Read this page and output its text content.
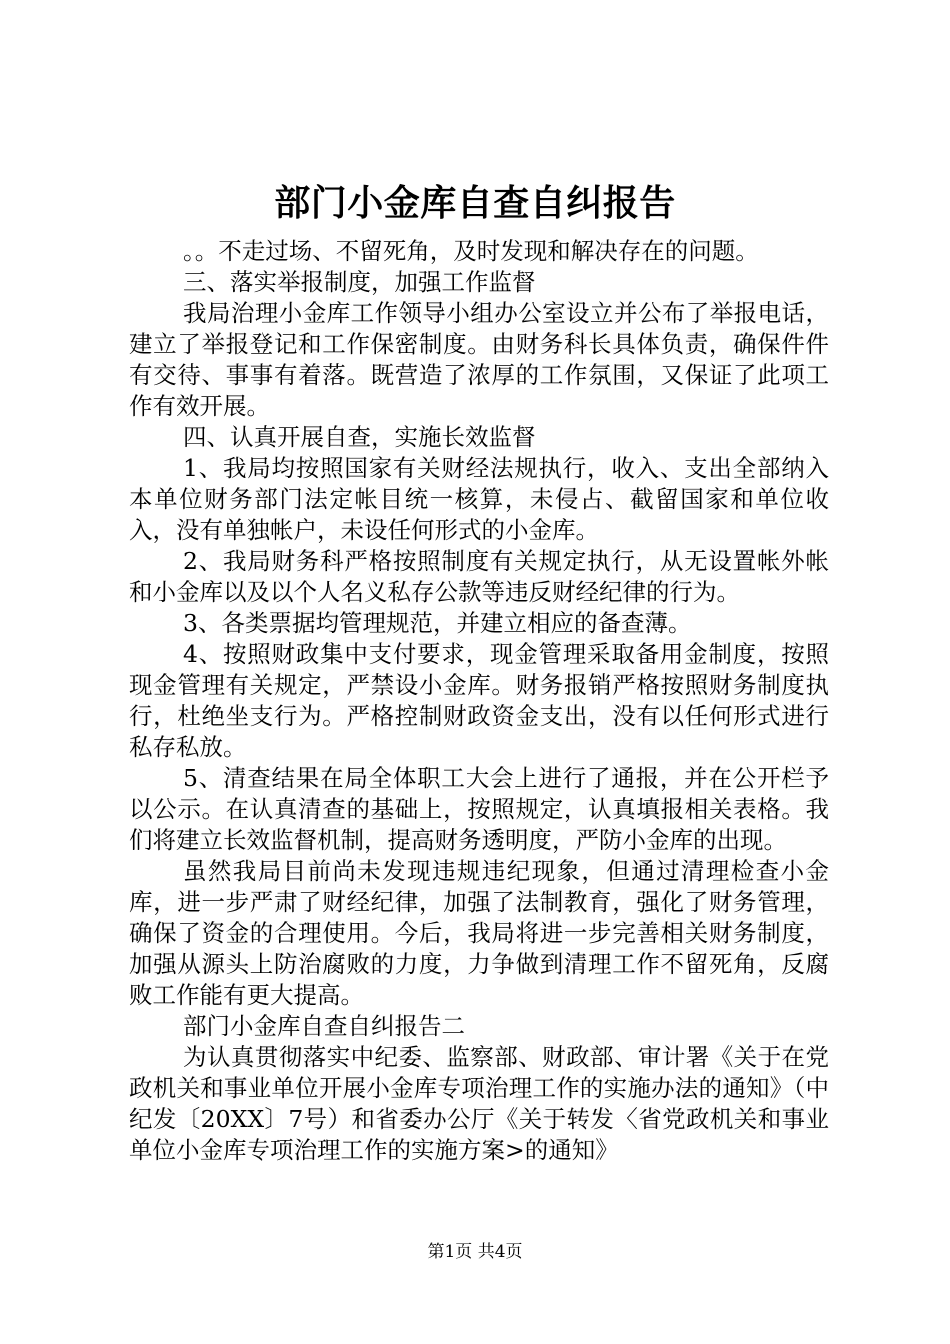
部门小金库自查自纠报告

。。不走过场、不留死角，及时发现和解决存在的问题。

三、落实举报制度，加强工作监督

我局治理小金库工作领导小组办公室设立并公布了举报电话，建立了举报登记和工作保密制度。由财务科长具体负责，确保件件有交待、事事有着落。既营造了浓厚的工作氛围，又保证了此项工作有效开展。

四、认真开展自查，实施长效监督

1、我局均按照国家有关财经法规执行，收入、支出全部纳入本单位财务部门法定帐目统一核算，未侵占、截留国家和单位收入，没有单独帐户，未设任何形式的小金库。

2、我局财务科严格按照制度有关规定执行，从无设置帐外帐和小金库以及以个人名义私存公款等违反财经纪律的行为。

3、各类票据均管理规范，并建立相应的备查薄。

4、按照财政集中支付要求，现金管理采取备用金制度，按照现金管理有关规定，严禁设小金库。财务报销严格按照财务制度执行，杜绝坐支行为。严格控制财政资金支出，没有以任何形式进行私存私放。

5、清查结果在局全体职工大会上进行了通报，并在公开栏予以公示。在认真清查的基础上，按照规定，认真填报相关表格。我们将建立长效监督机制，提高财务透明度，严防小金库的出现。

虽然我局目前尚未发现违规违纪现象，但通过清理检查小金库，进一步严肃了财经纪律，加强了法制教育，强化了财务管理，确保了资金的合理使用。今后，我局将进一步完善相关财务制度，加强从源头上防治腐败的力度，力争做到清理工作不留死角，反腐败工作能有更大提高。

部门小金库自查自纠报告二

为认真贯彻落实中纪委、监察部、财政部、审计署《关于在党政机关和事业单位开展小金库专项治理工作的实施办法的通知》（中纪发〔20XX〕7号）和省委办公厅《关于转发〈省党政机关和事业单位小金库专项治理工作的实施方案>的通知》

第1页 共4页
